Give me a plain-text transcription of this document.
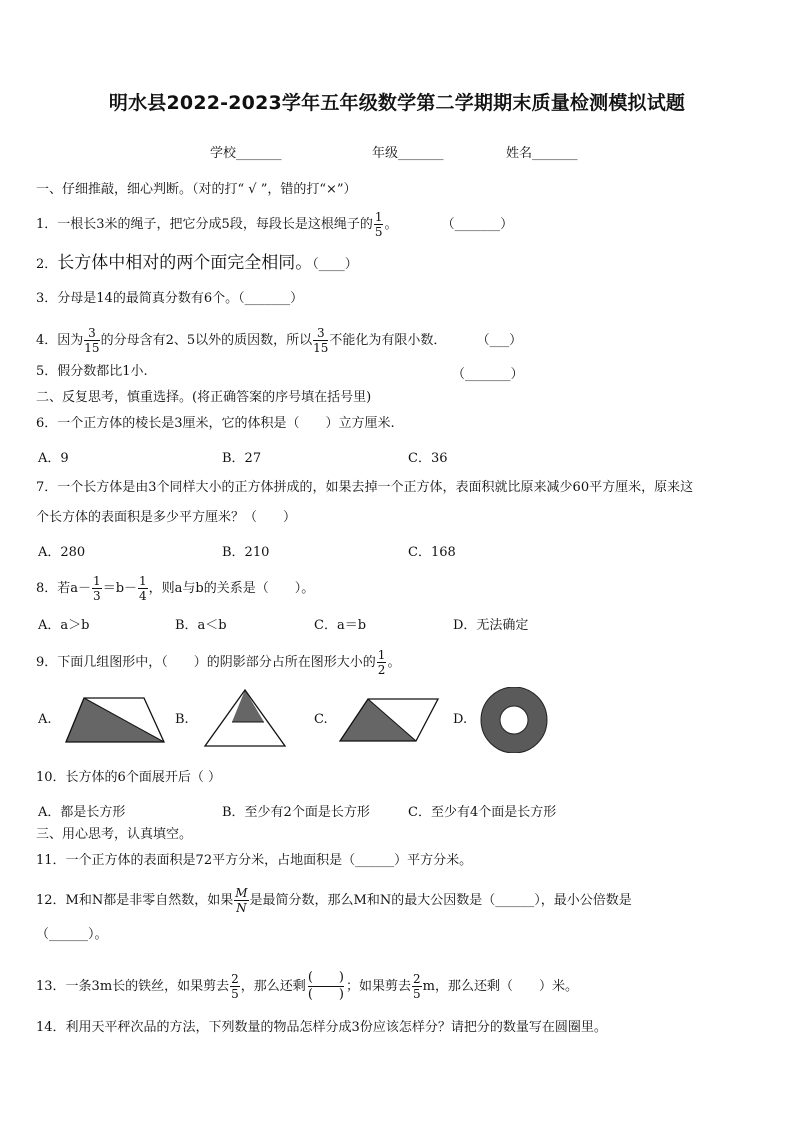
明水县2022-2023学年五年级数学第二学期期末质量检测模拟试题
学校_______	年级_______	姓名_______
一、仔细推敲，细心判断。（对的打“ √ ”，错的打“×”）
1．一根长3米的绳子，把它分成5段，每段长是这根绳子的 $\frac{1}{5}$ 。	（_______）
2．长方体中相对的两个面完全相同。（____）
3．分母是14的最简真分数有6个。（_______）
4．因为 $\frac{3}{15}$ 的分母含有2、5以外的质因数，所以 $\frac{3}{15}$ 不能化为有限小数． （___）
5．假分数都比1小.	（_______）
二、反复思考，慎重选择。(将正确答案的序号填在括号里)
6．一个正方体的棱长是3厘米，它的体积是（　　）立方厘米.
A．9	B．27	C．36
7．一个长方体是由3个同样大小的正方体拼成的，如果去掉一个正方体，表面积就比原来减少60平方厘米，原来这
个长方体的表面积是多少平方厘米？（　　）
A．280	B．210	C．168
8．若$a- \frac{1}{3} =b- \frac{1}{4}$ ，则a与b的关系是（　　）。
A．a＞b	B．a＜b	C．a＝b	D．无法确定
9．下面几组图形中，（　　）的阴影部分占所在图形大小的 $\frac{1}{2}$ 。
A.	B.	C.	D.
10．长方体的6个面展开后（ ）
A．都是长方形	B．至少有2个面是长方形	C．至少有4个面是长方形
三、用心思考，认真填空。
11．一个正方体的表面积是72平方分米，占地面积是（______）平方分米。
12．M和N都是非零自然数，如果 $\frac{M}{N}$ 是最简分数，那么M和N的最大公因数是（______），最小公倍数是
（______）。
13．一条3m长的铁丝，如果剪去 $\frac{2}{5}$ ，那么还剩
(　　)
(　　)
；如果剪去 $\frac{2}{5}$ m，那么还剩（　　）米。
14．利用天平秤次品的方法，下列数量的物品怎样分成3份应该怎样分？请把分的数量写在圆圈里。
